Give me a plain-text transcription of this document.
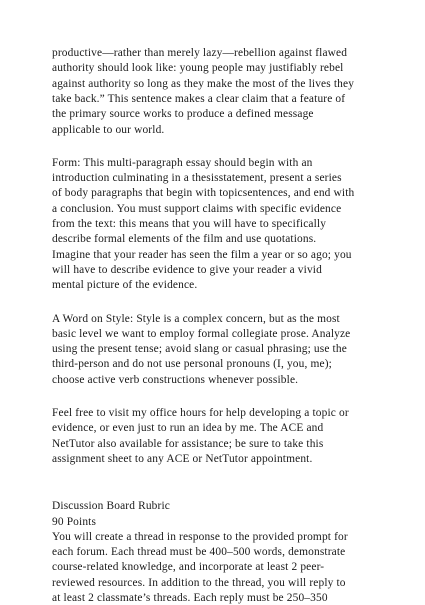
productive—rather than merely lazy—rebellion against flawed
authority should look like: young people may justifiably rebel
against authority so long as they make the most of the lives they
take back.” This sentence makes a clear claim that a feature of
the primary source works to produce a defined message
applicable to our world.
Form: This multi-paragraph essay should begin with an
introduction culminating in a thesisstatement, present a series
of body paragraphs that begin with topicsentences, and end with
a conclusion. You must support claims with specific evidence
from the text: this means that you will have to specifically
describe formal elements of the film and use quotations.
Imagine that your reader has seen the film a year or so ago; you
will have to describe evidence to give your reader a vivid
mental picture of the evidence.
A Word on Style: Style is a complex concern, but as the most
basic level we want to employ formal collegiate prose. Analyze
using the present tense; avoid slang or casual phrasing; use the
third-person and do not use personal pronouns (I, you, me);
choose active verb constructions whenever possible.
Feel free to visit my office hours for help developing a topic or
evidence, or even just to run an idea by me. The ACE and
NetTutor also available for assistance; be sure to take this
assignment sheet to any ACE or NetTutor appointment.
Discussion Board Rubric
90 Points
You will create a thread in response to the provided prompt for
each forum. Each thread must be 400–500 words, demonstrate
course-related knowledge, and incorporate at least 2 peer-
reviewed resources. In addition to the thread, you will reply to
at least 2 classmate’s threads. Each reply must be 250–350
